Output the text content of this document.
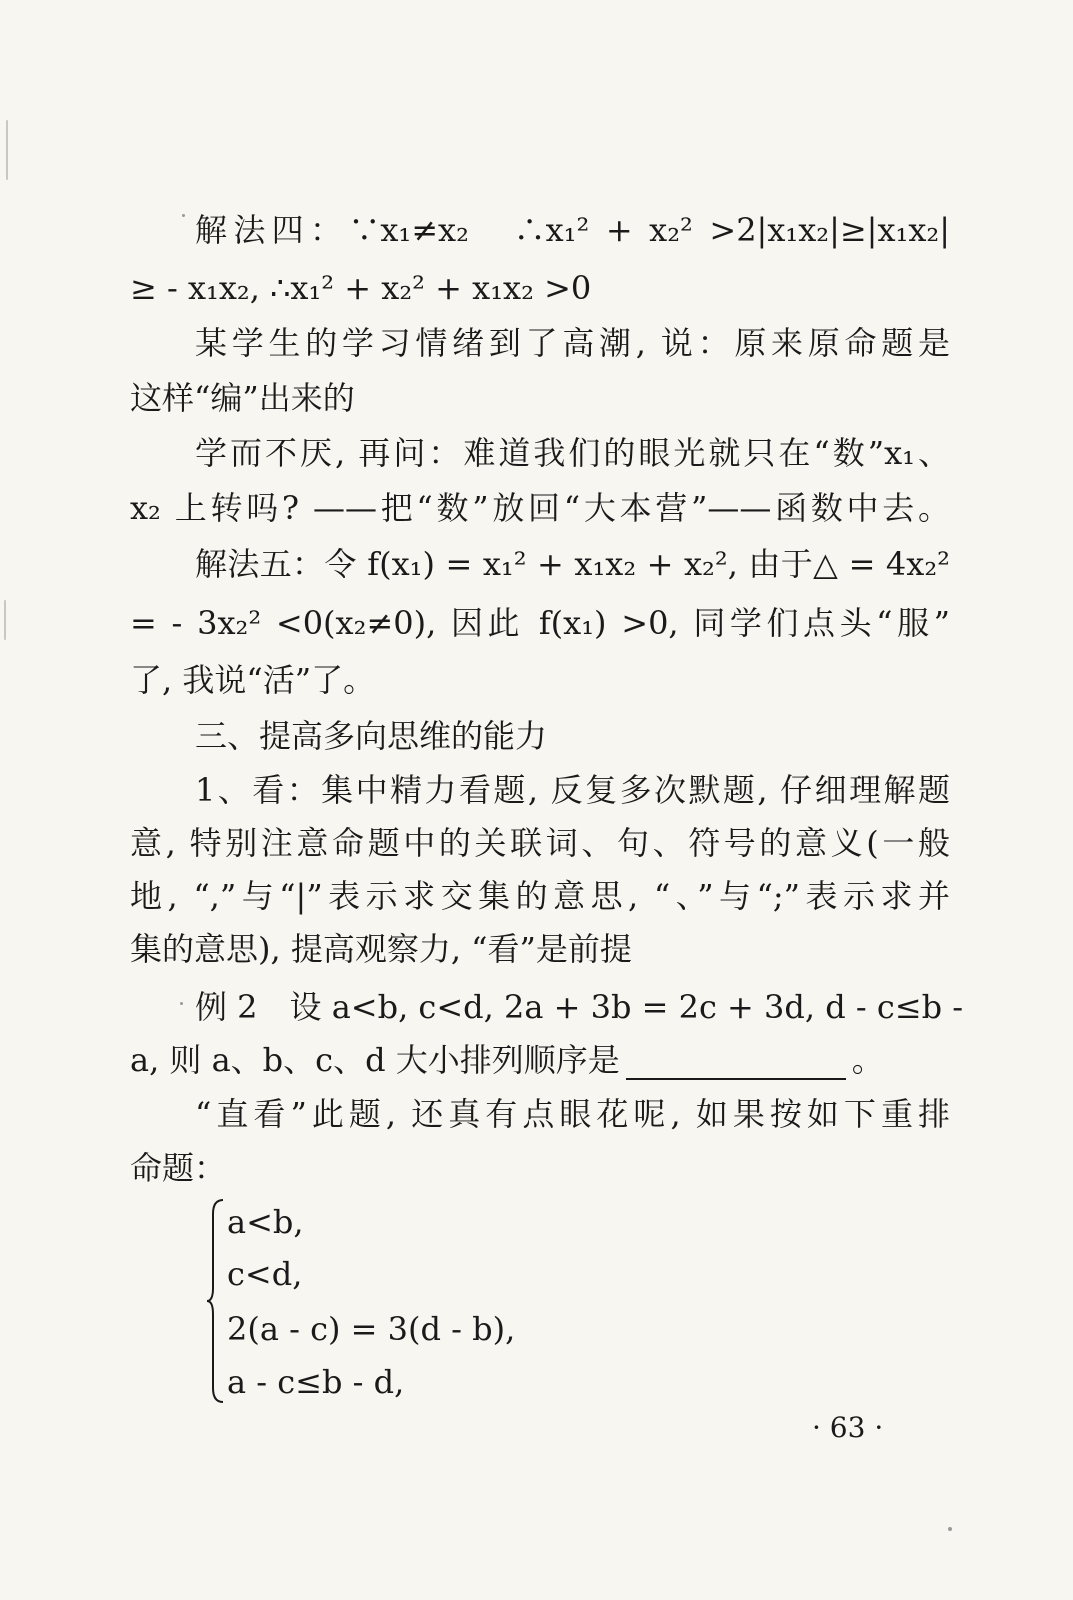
解法四：∵x₁≠x₂　∴x₁² + x₂² >2|x₁x₂|≥|x₁x₂|
≥ - x₁x₂, ∴x₁² + x₂² + x₁x₂ >0
某学生的学习情绪到了高潮, 说：原来原命题是
这样“编”出来的
学而不厌, 再问：难道我们的眼光就只在“数”x₁、
x₂ 上转吗? ——把“数”放回“大本营”——函数中去。
解法五：令 f(x₁) = x₁² + x₁x₂ + x₂², 由于△ = 4x₂²
= - 3x₂² <0(x₂≠0), 因此 f(x₁) >0, 同学们点头“服”
了, 我说“活”了。
三、提高多向思维的能力
1、看：集中精力看题, 反复多次默题, 仔细理解题
意, 特别注意命题中的关联词、句、符号的意义(一般
地, “,”与“|”表示求交集的意思, “、”与“;”表示求并
集的意思), 提高观察力, “看”是前提
例 2　设 a<b, c<d, 2a + 3b = 2c + 3d, d - c≤b -
a, 则 a、b、c、d 大小排列顺序是	。
“直看”此题, 还真有点眼花呢, 如果按如下重排
命题：
a<b,
c<d,
2(a - c) = 3(d - b),
a - c≤b - d,
· 63 ·
